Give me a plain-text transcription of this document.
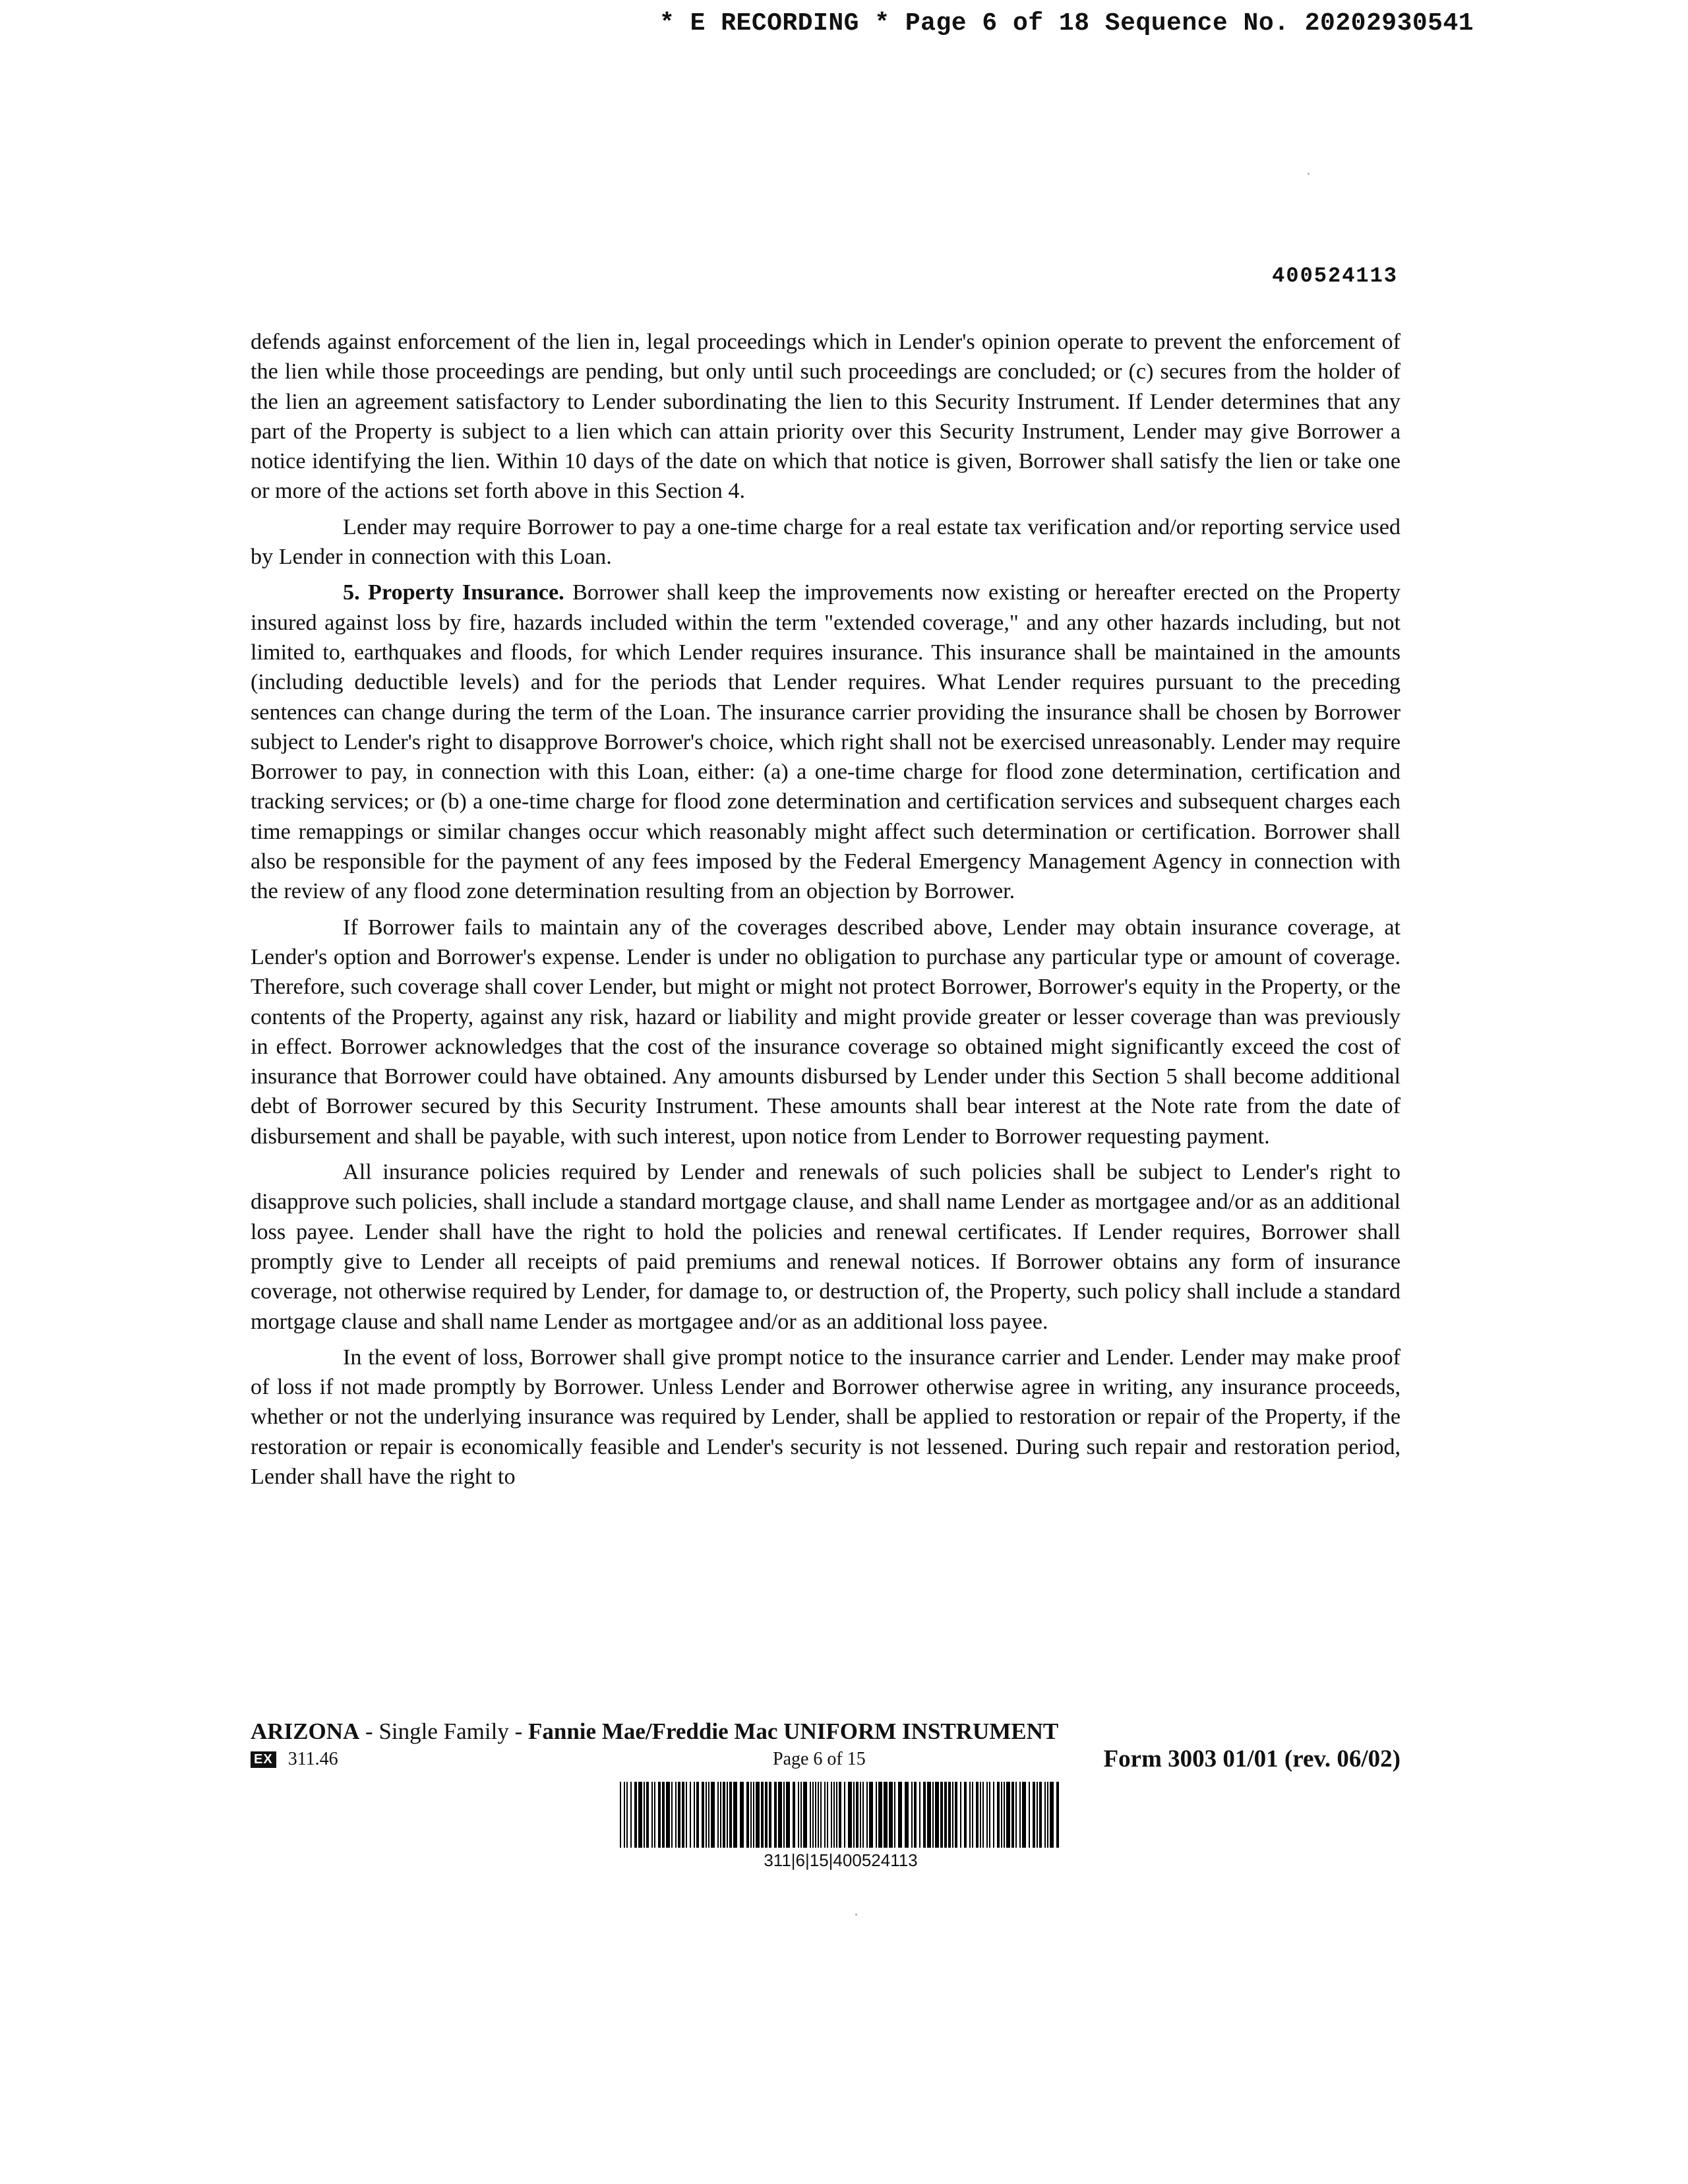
* E RECORDING * Page 6 of 18 Sequence No. 20202930541
400524113

defends against enforcement of the lien in, legal proceedings which in Lender's opinion operate to prevent the enforcement of the lien while those proceedings are pending, but only until such proceedings are concluded; or (c) secures from the holder of the lien an agreement satisfactory to Lender subordinating the lien to this Security Instrument. If Lender determines that any part of the Property is subject to a lien which can attain priority over this Security Instrument, Lender may give Borrower a notice identifying the lien. Within 10 days of the date on which that notice is given, Borrower shall satisfy the lien or take one or more of the actions set forth above in this Section 4.

Lender may require Borrower to pay a one-time charge for a real estate tax verification and/or reporting service used by Lender in connection with this Loan.

5. Property Insurance. Borrower shall keep the improvements now existing or hereafter erected on the Property insured against loss by fire, hazards included within the term "extended coverage," and any other hazards including, but not limited to, earthquakes and floods, for which Lender requires insurance. This insurance shall be maintained in the amounts (including deductible levels) and for the periods that Lender requires. What Lender requires pursuant to the preceding sentences can change during the term of the Loan. The insurance carrier providing the insurance shall be chosen by Borrower subject to Lender's right to disapprove Borrower's choice, which right shall not be exercised unreasonably. Lender may require Borrower to pay, in connection with this Loan, either: (a) a one-time charge for flood zone determination, certification and tracking services; or (b) a one-time charge for flood zone determination and certification services and subsequent charges each time remappings or similar changes occur which reasonably might affect such determination or certification. Borrower shall also be responsible for the payment of any fees imposed by the Federal Emergency Management Agency in connection with the review of any flood zone determination resulting from an objection by Borrower.

If Borrower fails to maintain any of the coverages described above, Lender may obtain insurance coverage, at Lender's option and Borrower's expense. Lender is under no obligation to purchase any particular type or amount of coverage. Therefore, such coverage shall cover Lender, but might or might not protect Borrower, Borrower's equity in the Property, or the contents of the Property, against any risk, hazard or liability and might provide greater or lesser coverage than was previously in effect. Borrower acknowledges that the cost of the insurance coverage so obtained might significantly exceed the cost of insurance that Borrower could have obtained. Any amounts disbursed by Lender under this Section 5 shall become additional debt of Borrower secured by this Security Instrument. These amounts shall bear interest at the Note rate from the date of disbursement and shall be payable, with such interest, upon notice from Lender to Borrower requesting payment.

All insurance policies required by Lender and renewals of such policies shall be subject to Lender's right to disapprove such policies, shall include a standard mortgage clause, and shall name Lender as mortgagee and/or as an additional loss payee. Lender shall have the right to hold the policies and renewal certificates. If Lender requires, Borrower shall promptly give to Lender all receipts of paid premiums and renewal notices. If Borrower obtains any form of insurance coverage, not otherwise required by Lender, for damage to, or destruction of, the Property, such policy shall include a standard mortgage clause and shall name Lender as mortgagee and/or as an additional loss payee.

In the event of loss, Borrower shall give prompt notice to the insurance carrier and Lender. Lender may make proof of loss if not made promptly by Borrower. Unless Lender and Borrower otherwise agree in writing, any insurance proceeds, whether or not the underlying insurance was required by Lender, shall be applied to restoration or repair of the Property, if the restoration or repair is economically feasible and Lender's security is not lessened. During such repair and restoration period, Lender shall have the right to

ARIZONA - Single Family - Fannie Mae/Freddie Mac UNIFORM INSTRUMENT
EX 311.46	Page 6 of 15	Form 3003 01/01 (rev. 06/02)
311|6|15|400524113
